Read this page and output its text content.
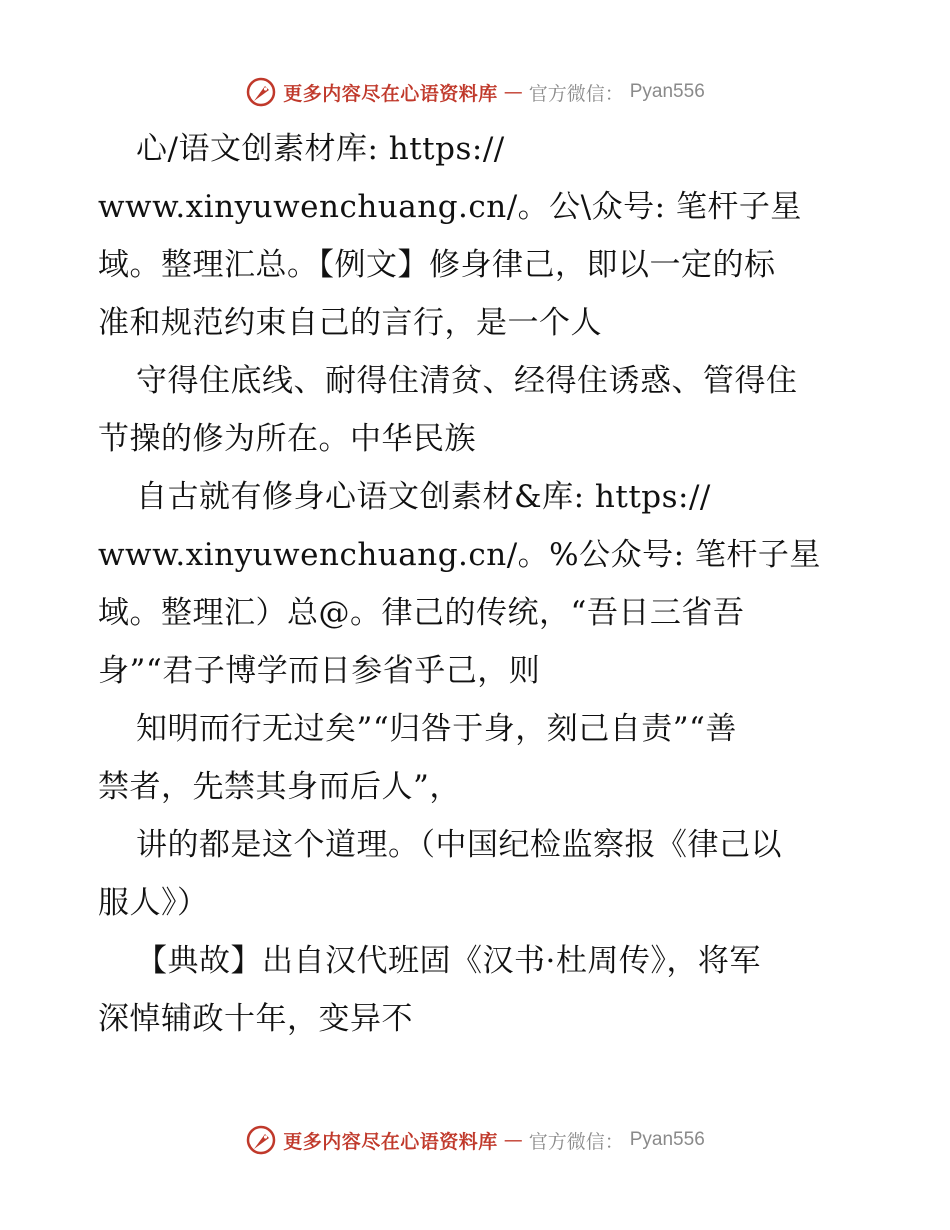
更多内容尽在心语资料库 — 官方微信： Pyan556
心/语文创素材库: https://
www.xinyuwenchuang.cn/。公\众号: 笔杆子星
域。整理汇总。【例文】修身律己，即以一定的标
准和规范约束自己的言行，是一个人
守得住底线、耐得住清贫、经得住诱惑、管得住
节操的修为所在。中华民族
自古就有修身心语文创素材&库: https://
www.xinyuwenchuang.cn/。%公众号: 笔杆子星
域。整理汇）总@。律己的传统，“吾日三省吾
身”“君子博学而日参省乎己，则
知明而行无过矣”“归咎于身，刻己自责”“善
禁者，先禁其身而后人”，
讲的都是这个道理。（中国纪检监察报《律己以
服人》）
【典故】出自汉代班固《汉书·杜周传》，将军
深悼辅政十年，变异不
更多内容尽在心语资料库 — 官方微信： Pyan556
